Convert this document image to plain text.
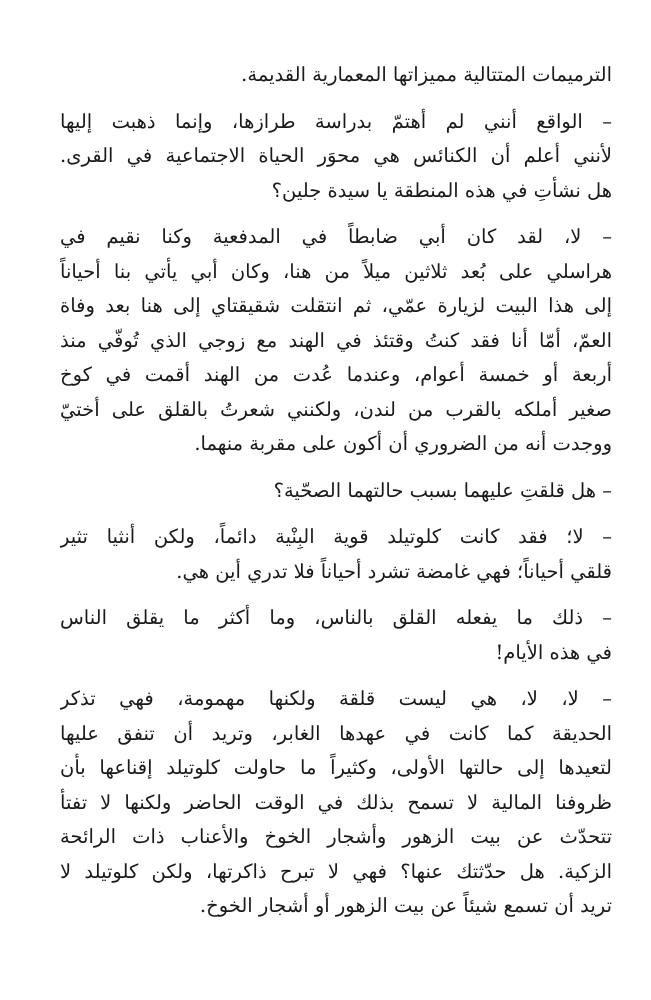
الترميمات المتتالية مميزاتها المعمارية القديمة.
– الواقع أنني لم أهتمّ بدراسة طرازها، وإنما ذهبت إليها
لأنني أعلم أن الكنائس هي محوَر الحياة الاجتماعية في القرى.
هل نشأتِ في هذه المنطقة يا سيدة جلين؟
– لا، لقد كان أبي ضابطاً في المدفعية وكنا نقيم في
هراسلي على بُعد ثلاثين ميلاً من هنا، وكان أبي يأتي بنا أحياناً
إلى هذا البيت لزيارة عمّي، ثم انتقلت شقيقتاي إلى هنا بعد وفاة
العمّ، أمّا أنا فقد كنتُ وقتئذ في الهند مع زوجي الذي تُوفّي منذ
أربعة أو خمسة أعوام، وعندما عُدت من الهند أقمت في كوخ
صغير أملكه بالقرب من لندن، ولكنني شعرتُ بالقلق على أختيّ
ووجدت أنه من الضروري أن أكون على مقربة منهما.
– هل قلقتِ عليهما بسبب حالتهما الصحّية؟
– لا؛ فقد كانت كلوتيلد قوية البِنْية دائماً، ولكن أنثيا تثير
قلقي أحياناً؛ فهي غامضة تشرد أحياناً فلا تدري أين هي.
– ذلك ما يفعله القلق بالناس، وما أكثر ما يقلق الناس
في هذه الأيام!
– لا، لا، هي ليست قلقة ولكنها مهمومة، فهي تذكر
الحديقة كما كانت في عهدها الغابر، وتريد أن تنفق عليها
لتعيدها إلى حالتها الأولى، وكثيراً ما حاولت كلوتيلد إقناعها بأن
ظروفنا المالية لا تسمح بذلك في الوقت الحاضر ولكنها لا تفتأ
تتحدّث عن بيت الزهور وأشجار الخوخ والأعناب ذات الرائحة
الزكية. هل حدّثتك عنها؟ فهي لا تبرح ذاكرتها، ولكن كلوتيلد لا
تريد أن تسمع شيئاً عن بيت الزهور أو أشجار الخوخ.
